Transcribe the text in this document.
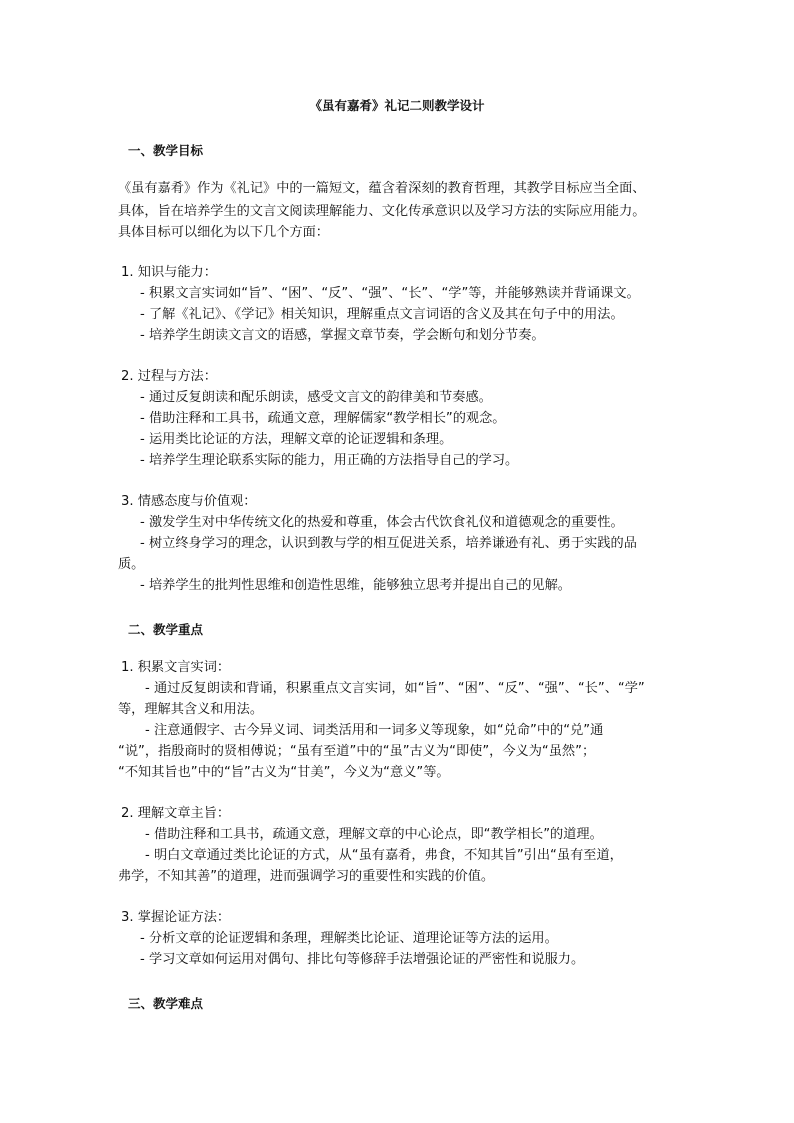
《虽有嘉肴》礼记二则教学设计
一、教学目标
《虽有嘉肴》作为《礼记》中的一篇短文，蕴含着深刻的教育哲理，其教学目标应当全面、
具体，旨在培养学生的文言文阅读理解能力、文化传承意识以及学习方法的实际应用能力。
具体目标可以细化为以下几个方面：
1. 知识与能力：
- 积累文言实词如“旨”、“困”、“反”、“强”、“长”、“学”等，并能够熟读并背诵课文。
- 了解《礼记》、《学记》相关知识，理解重点文言词语的含义及其在句子中的用法。
- 培养学生朗读文言文的语感，掌握文章节奏，学会断句和划分节奏。
2. 过程与方法：
- 通过反复朗读和配乐朗读，感受文言文的韵律美和节奏感。
- 借助注释和工具书，疏通文意，理解儒家“教学相长”的观念。
- 运用类比论证的方法，理解文章的论证逻辑和条理。
- 培养学生理论联系实际的能力，用正确的方法指导自己的学习。
3. 情感态度与价值观：
- 激发学生对中华传统文化的热爱和尊重，体会古代饮食礼仪和道德观念的重要性。
- 树立终身学习的理念，认识到教与学的相互促进关系，培养谦逊有礼、勇于实践的品
质。
- 培养学生的批判性思维和创造性思维，能够独立思考并提出自己的见解。
二、教学重点
1. 积累文言实词：
- 通过反复朗读和背诵，积累重点文言实词，如“旨”、“困”、“反”、“强”、“长”、“学”
等，理解其含义和用法。
- 注意通假字、古今异义词、词类活用和一词多义等现象，如“兑命”中的“兑”通
“说”，指殷商时的贤相傅说；“虽有至道”中的“虽”古义为“即使”，今义为“虽然”；
“不知其旨也”中的“旨”古义为“甘美”，今义为“意义”等。
2. 理解文章主旨：
- 借助注释和工具书，疏通文意，理解文章的中心论点，即“教学相长”的道理。
- 明白文章通过类比论证的方式，从“虽有嘉肴，弗食，不知其旨”引出“虽有至道，
弗学，不知其善”的道理，进而强调学习的重要性和实践的价值。
3. 掌握论证方法：
- 分析文章的论证逻辑和条理，理解类比论证、道理论证等方法的运用。
- 学习文章如何运用对偶句、排比句等修辞手法增强论证的严密性和说服力。
三、教学难点
